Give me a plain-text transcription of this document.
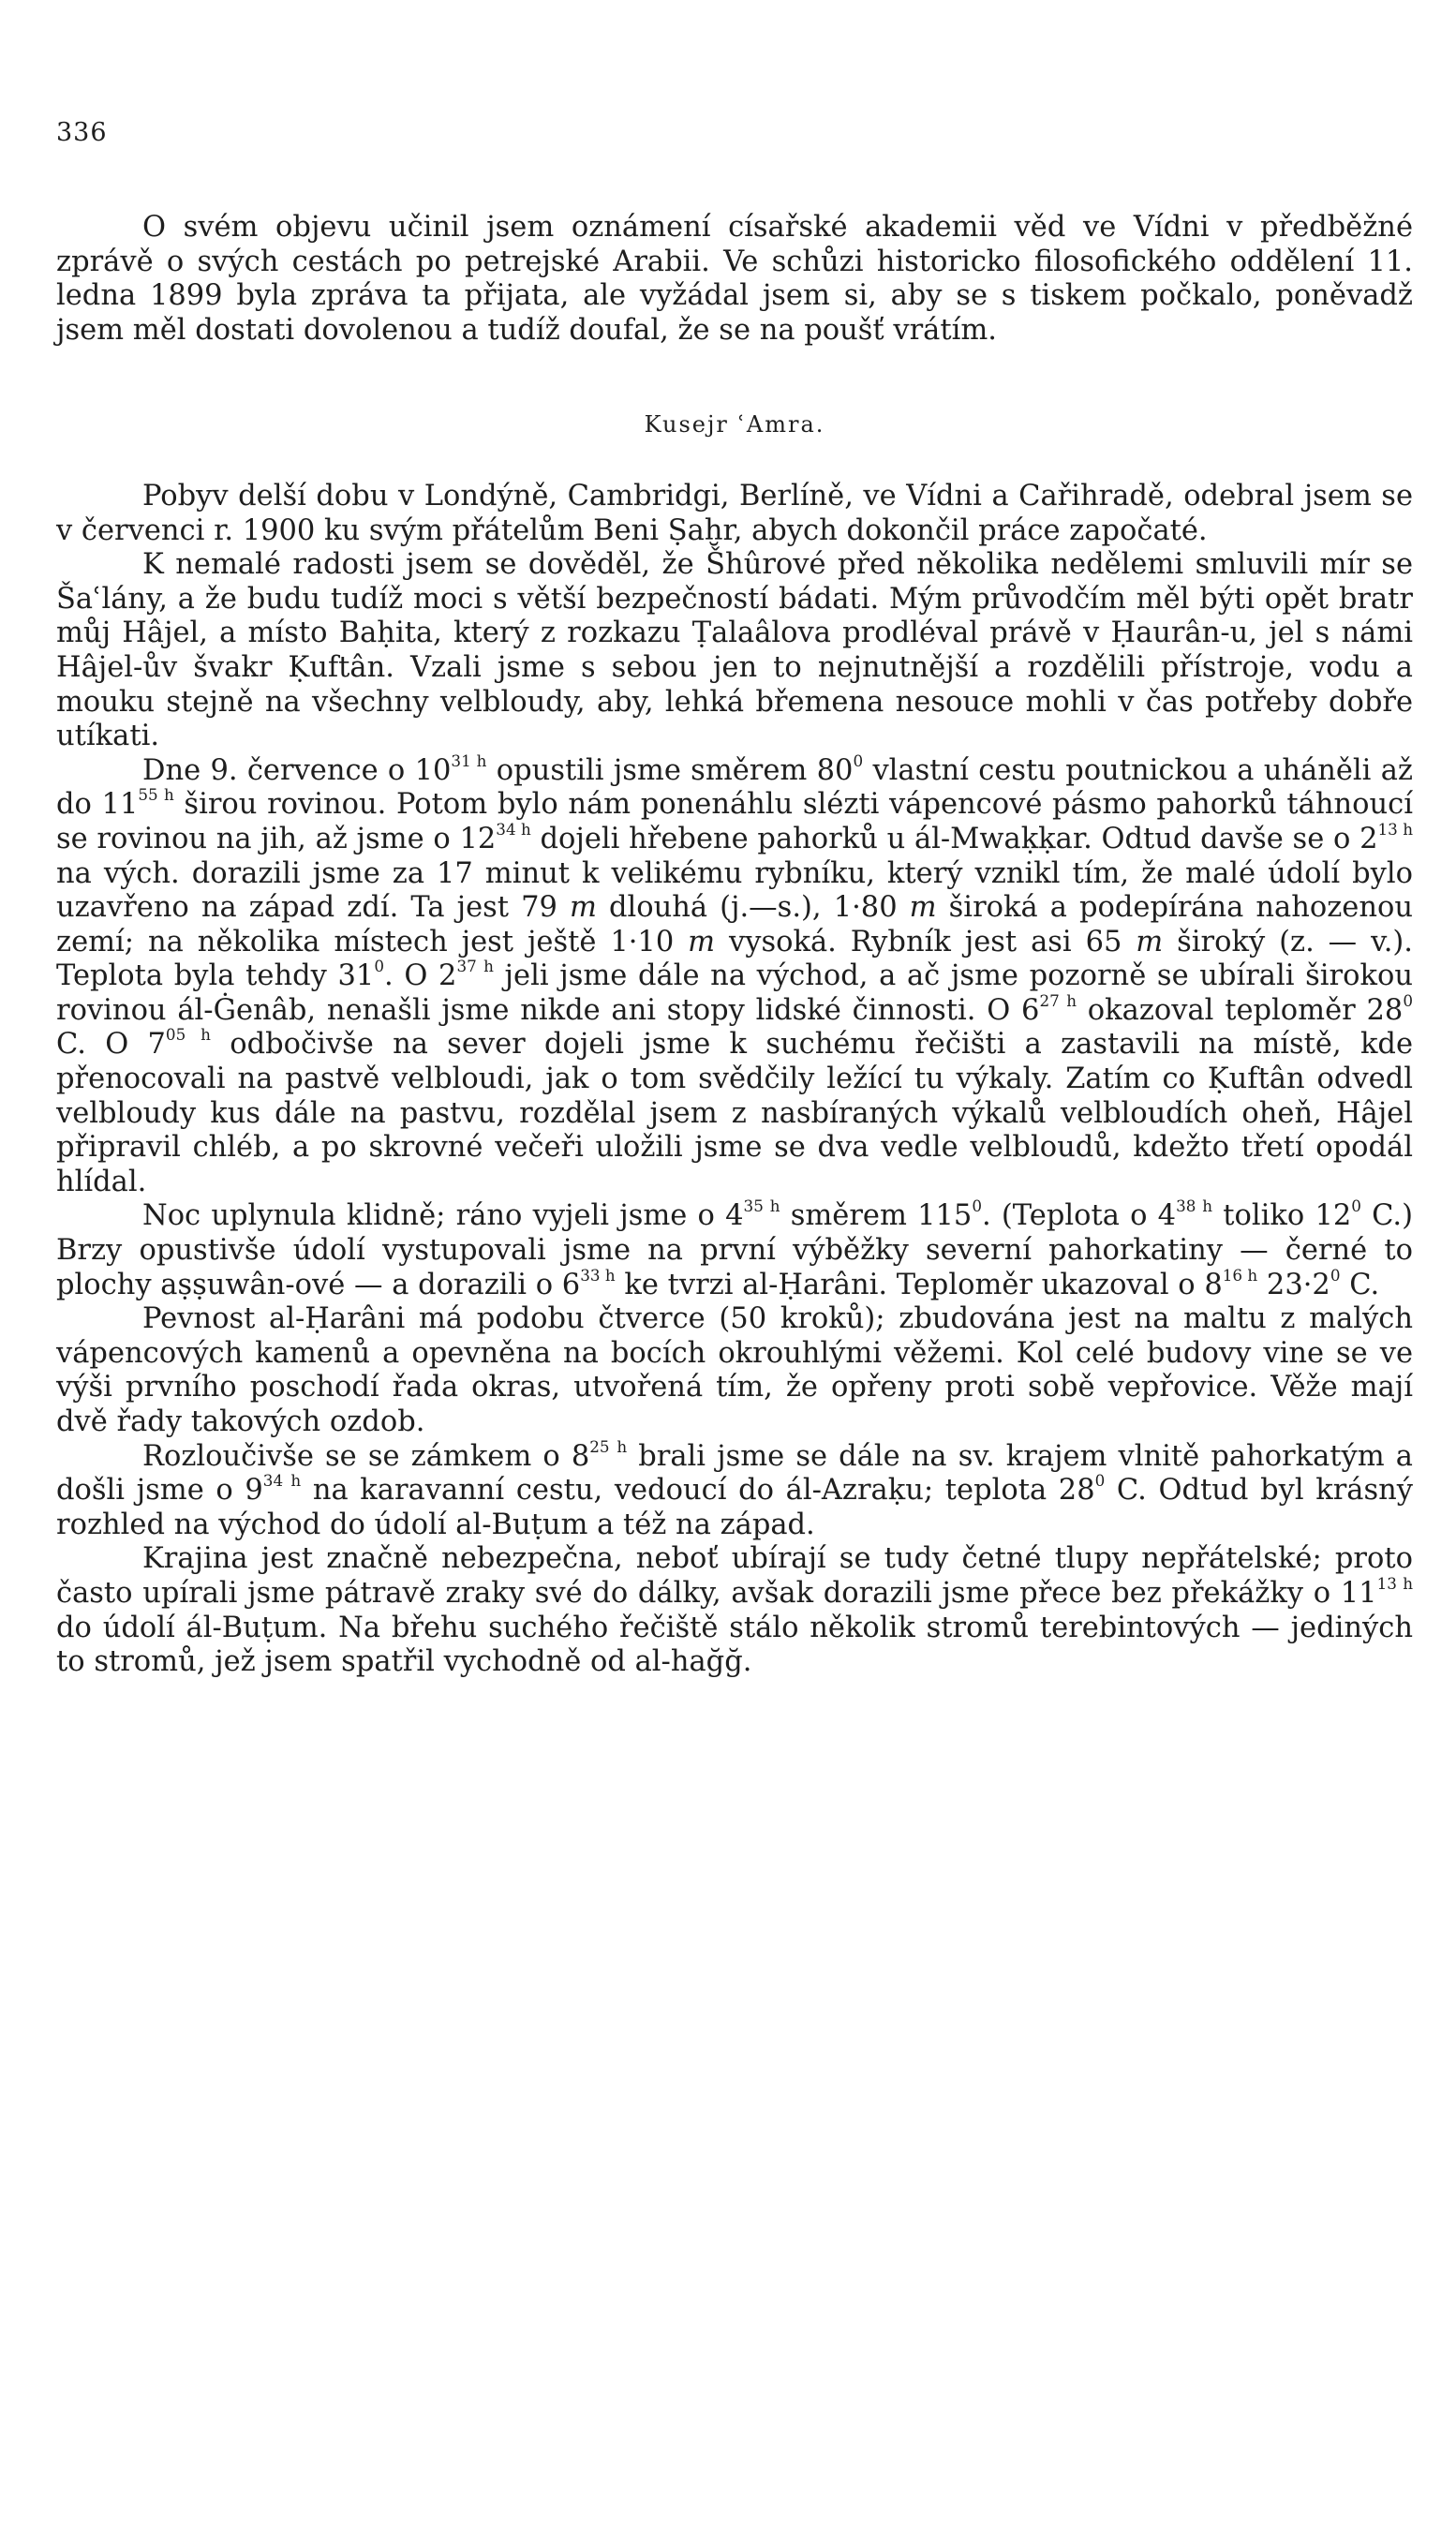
336

O svém objevu učinil jsem oznámení císařské akademii věd ve Vídni v předběžné zprávě o svých cestách po petrejské Arabii. Ve schůzi historicko filosofického oddělení 11. ledna 1899 byla zpráva ta přijata, ale vyžádal jsem si, aby se s tiskem počkalo, poněvadž jsem měl dostati dovolenou a tudíž doufal, že se na poušť vrátím.

Kusejr ʿAmra.

Pobyv delší dobu v Londýně, Cambridgi, Berlíně, ve Vídni a Cařihradě, odebral jsem se v červenci r. 1900 ku svým přátelům Beni Ṣaḫr, abych dokončil práce započaté.

K nemalé radosti jsem se dověděl, že Šhûrové před několika nedělemi smluvili mír se Šaʿlány, a že budu tudíž moci s větší bezpečností bádati. Mým průvodčím měl býti opět bratr můj Hâjel, a místo Baḥita, který z rozkazu Ṭalaâlova prodléval právě v Ḥaurân-u, jel s námi Hâjel-ův švakr Ḳuftân. Vzali jsme s sebou jen to nejnutnější a rozdělili přístroje, vodu a mouku stejně na všechny velbloudy, aby, lehká břemena nesouce mohli v čas potřeby dobře utíkati.

Dne 9. července o $10^{31 h}$ opustili jsme směrem $80^0$ vlastní cestu poutnickou a uháněli až do $11^{55 h}$ širou rovinou. Potom bylo nám ponenáhlu slézti vápencové pásmo pahorků táhnoucí se rovinou na jih, až jsme o $12^{34 h}$ dojeli hřebene pahorků u ál-Mwaḳḳar. Odtud davše se o $2^{13 h}$ na vých. dorazili jsme za 17 minut k velikému rybníku, který vznikl tím, že malé údolí bylo uzavřeno na západ zdí. Ta jest 79 m dlouhá (j.—s.), 1·80 m široká a podepírána nahozenou zemí; na několika místech jest ještě 1·10 m vysoká. Rybník jest asi 65 m široký (z. — v.). Teplota byla tehdy $31^0$. O $2^{37 h}$ jeli jsme dále na východ, a ač jsme pozorně se ubírali širokou rovinou ál-Ġenâb, nenašli jsme nikde ani stopy lidské činnosti. O $6^{27 h}$ okazoval teploměr $28^0$ C. O $7^{05 h}$ odbočivše na sever dojeli jsme k suchému řečišti a zastavili na místě, kde přenocovali na pastvě velbloudi, jak o tom svědčily ležící tu výkaly. Zatím co Ḳuftân odvedl velbloudy kus dále na pastvu, rozdělal jsem z nasbíraných výkalů velbloudích oheň, Hâjel připravil chléb, a po skrovné večeři uložili jsme se dva vedle velbloudů, kdežto třetí opodál hlídal.

Noc uplynula klidně; ráno vyjeli jsme o $4^{35 h}$ směrem $115^0$. (Teplota o $4^{38 h}$ toliko $12^0$ C.) Brzy opustivše údolí vystupovali jsme na první výběžky severní pahorkatiny — černé to plochy aṣṣuwân-ové — a dorazili o $6^{33 h}$ ke tvrzi al-Ḥarâni. Teploměr ukazoval o $8^{16 h}$ $23\cdot 2^0$ C.

Pevnost al-Ḥarâni má podobu čtverce (50 kroků); zbudována jest na maltu z malých vápencových kamenů a opevněna na bocích okrouhlými věžemi. Kol celé budovy vine se ve výši prvního poschodí řada okras, utvořená tím, že opřeny proti sobě vepřovice. Věže mají dvě řady takových ozdob.

Rozloučivše se se zámkem o $8^{25 h}$ brali jsme se dále na sv. krajem vlnitě pahorkatým a došli jsme o $9^{34 h}$ na karavanní cestu, vedoucí do ál-Azraḳu; teplota $28^0$ C. Odtud byl krásný rozhled na východ do údolí al-Buṭum a též na západ.

Krajina jest značně nebezpečna, neboť ubírají se tudy četné tlupy nepřátelské; proto často upírali jsme pátravě zraky své do dálky, avšak dorazili jsme přece bez překážky o $11^{13 h}$ do údolí ál-Buṭum. Na břehu suchého řečiště stálo několik stromů terebintových — jediných to stromů, jež jsem spatřil vychodně od al-hağğ.
